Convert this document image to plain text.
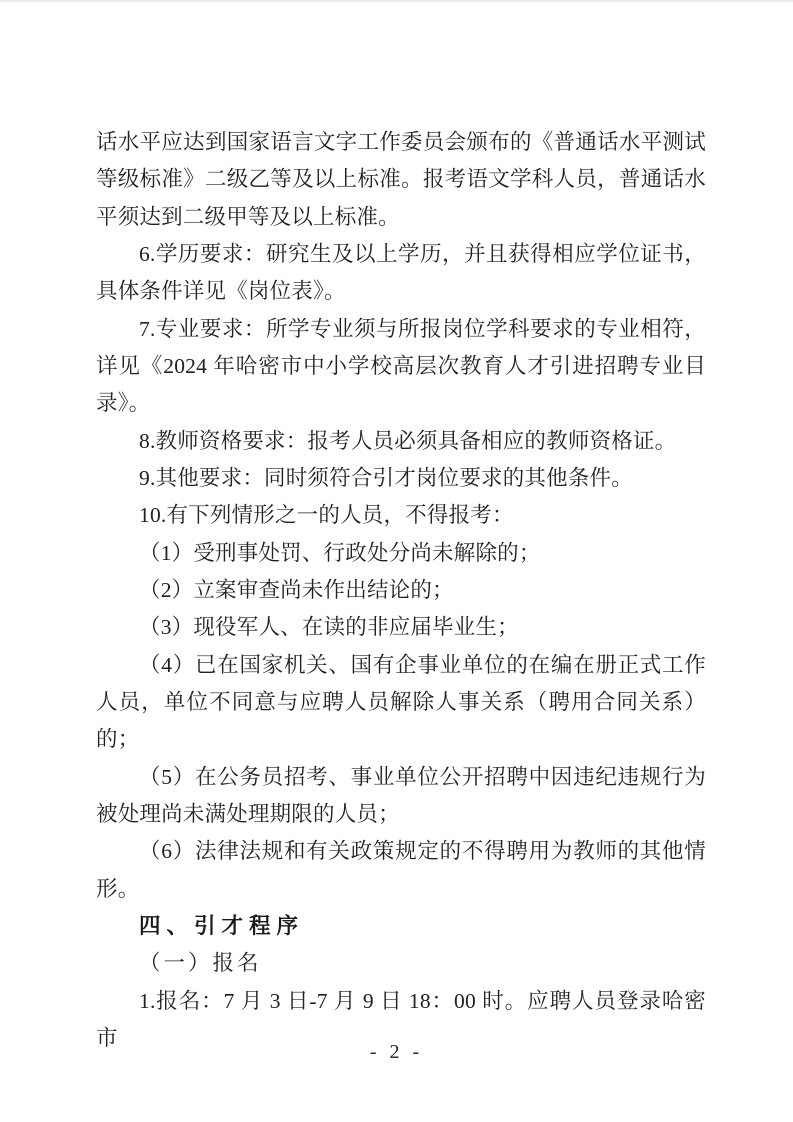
话水平应达到国家语言文字工作委员会颁布的《普通话水平测试等级标准》二级乙等及以上标准。报考语文学科人员，普通话水平须达到二级甲等及以上标准。

6.学历要求：研究生及以上学历，并且获得相应学位证书，具体条件详见《岗位表》。

7.专业要求：所学专业须与所报岗位学科要求的专业相符，详见《2024 年哈密市中小学校高层次教育人才引进招聘专业目录》。

8.教师资格要求：报考人员必须具备相应的教师资格证。

9.其他要求：同时须符合引才岗位要求的其他条件。

10.有下列情形之一的人员，不得报考：

（1）受刑事处罚、行政处分尚未解除的；

（2）立案审查尚未作出结论的；

（3）现役军人、在读的非应届毕业生；

（4）已在国家机关、国有企事业单位的在编在册正式工作人员，单位不同意与应聘人员解除人事关系（聘用合同关系）的；

（5）在公务员招考、事业单位公开招聘中因违纪违规行为被处理尚未满处理期限的人员；

（6）法律法规和有关政策规定的不得聘用为教师的其他情形。

四、引才程序

（一）报名

1.报名：7 月 3 日-7 月 9 日 18：00 时。应聘人员登录哈密市

- 2 -
